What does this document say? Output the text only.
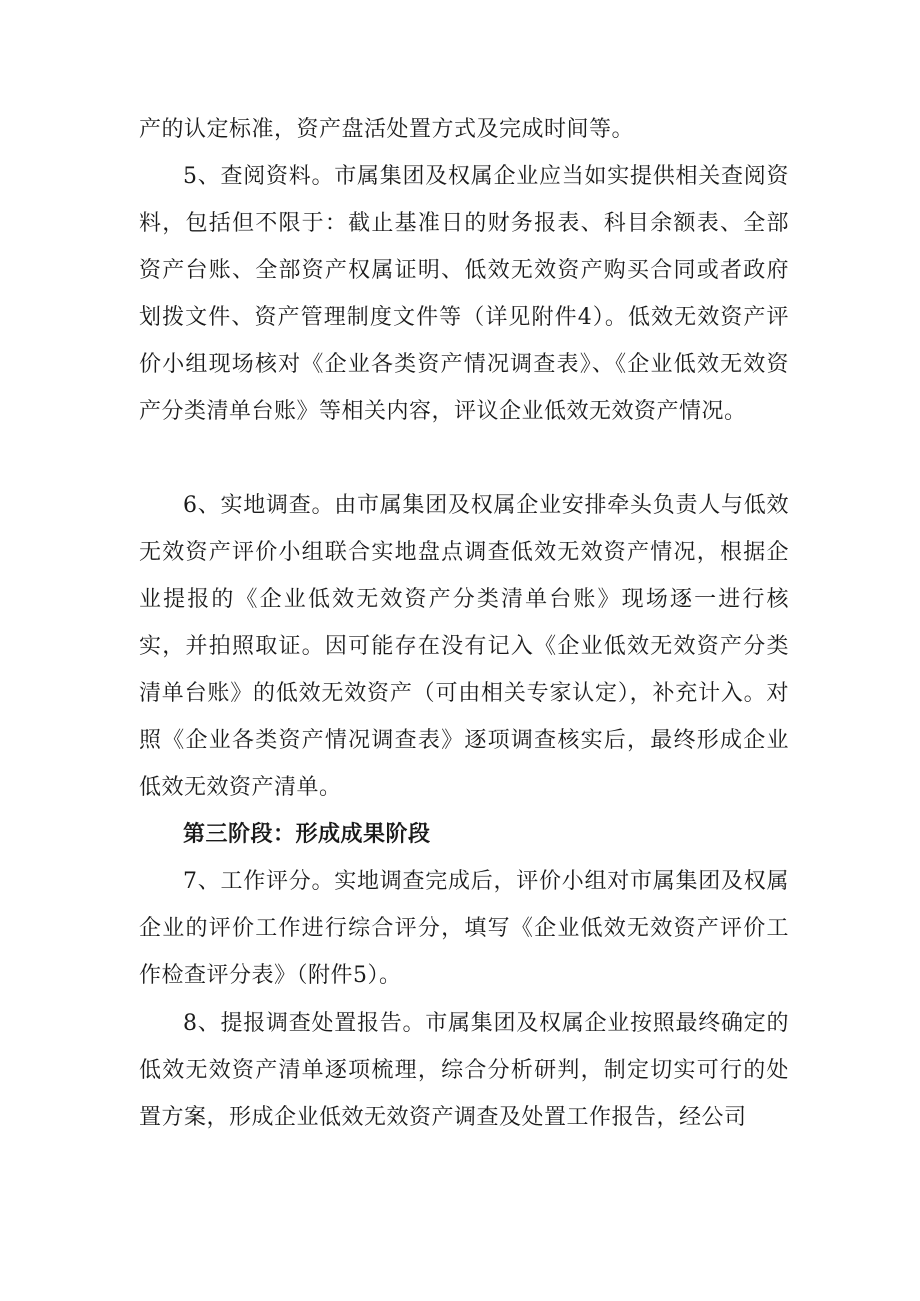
产的认定标准，资产盘活处置方式及完成时间等。

5、查阅资料。市属集团及权属企业应当如实提供相关查阅资料，包括但不限于：截止基准日的财务报表、科目余额表、全部资产台账、全部资产权属证明、低效无效资产购买合同或者政府划拨文件、资产管理制度文件等（详见附件4）。低效无效资产评价小组现场核对《企业各类资产情况调查表》、《企业低效无效资产分类清单台账》等相关内容，评议企业低效无效资产情况。

6、实地调查。由市属集团及权属企业安排牵头负责人与低效无效资产评价小组联合实地盘点调查低效无效资产情况，根据企业提报的《企业低效无效资产分类清单台账》现场逐一进行核实，并拍照取证。因可能存在没有记入《企业低效无效资产分类清单台账》的低效无效资产（可由相关专家认定），补充计入。对照《企业各类资产情况调查表》逐项调查核实后，最终形成企业低效无效资产清单。

第三阶段：形成成果阶段

7、工作评分。实地调查完成后，评价小组对市属集团及权属企业的评价工作进行综合评分，填写《企业低效无效资产评价工作检查评分表》（附件5）。

8、提报调查处置报告。市属集团及权属企业按照最终确定的低效无效资产清单逐项梳理，综合分析研判，制定切实可行的处置方案，形成企业低效无效资产调查及处置工作报告，经公司
